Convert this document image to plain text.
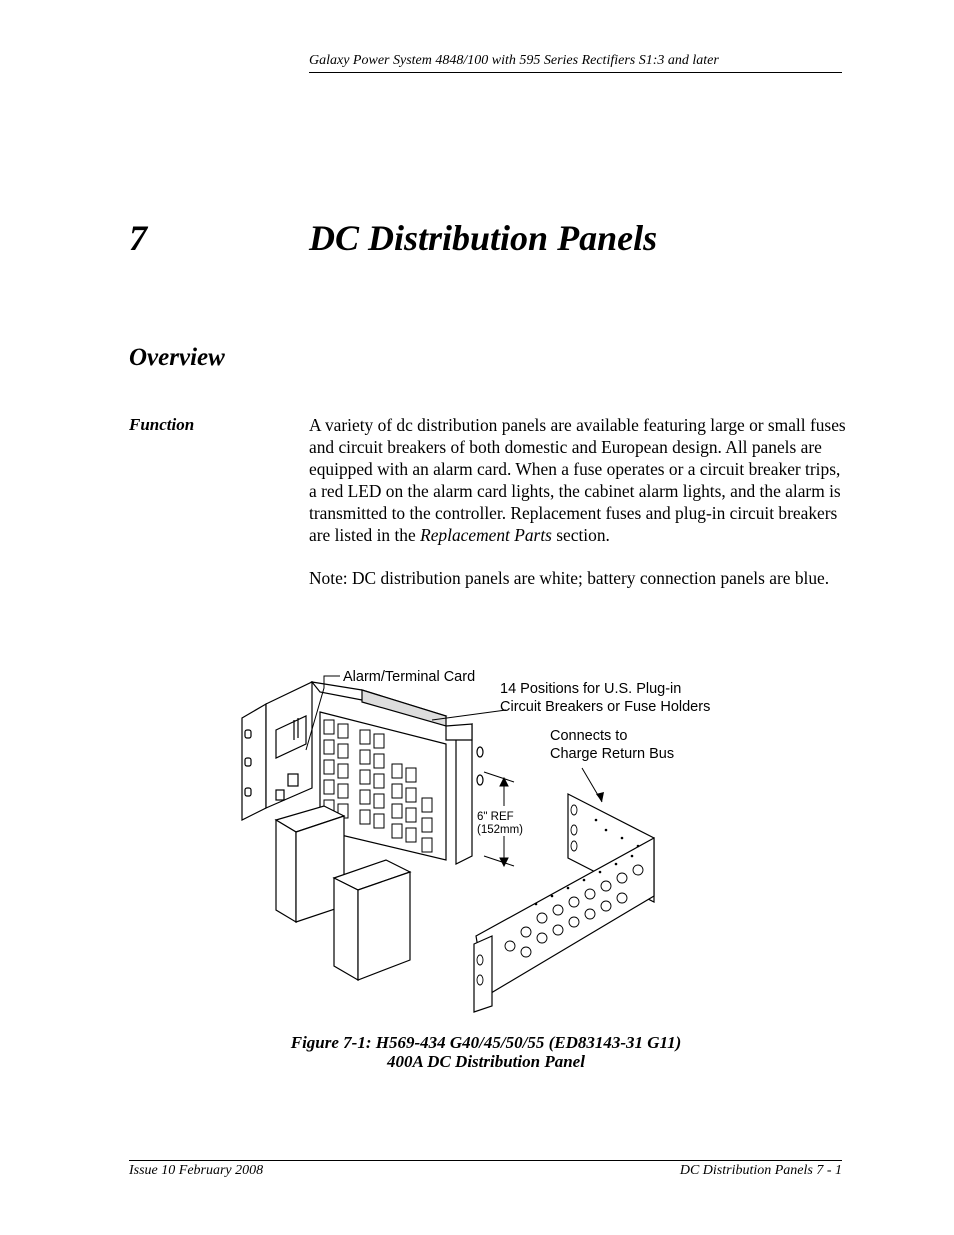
Galaxy Power System 4848/100 with 595 Series Rectifiers S1:3 and later
7	DC Distribution Panels
Overview
Function	A variety of dc distribution panels are available featuring large or small fuses and circuit breakers of both domestic and European design. All panels are equipped with an alarm card. When a fuse operates or a circuit breaker trips, a red LED on the alarm card lights, the cabinet alarm lights, and the alarm is transmitted to the controller. Replacement fuses and plug-in circuit breakers are listed in the Replacement Parts section.
Note: DC distribution panels are white; battery connection panels are blue.
Alarm/Terminal Card
14 Positions for U.S. Plug-in
Circuit Breakers or Fuse Holders
Connects to
Charge Return Bus
6" REF
(152mm)
Figure 7-1: H569-434 G40/45/50/55 (ED83143-31 G11)
400A DC Distribution Panel
Issue 10 February 2008	DC Distribution Panels 7 - 1
